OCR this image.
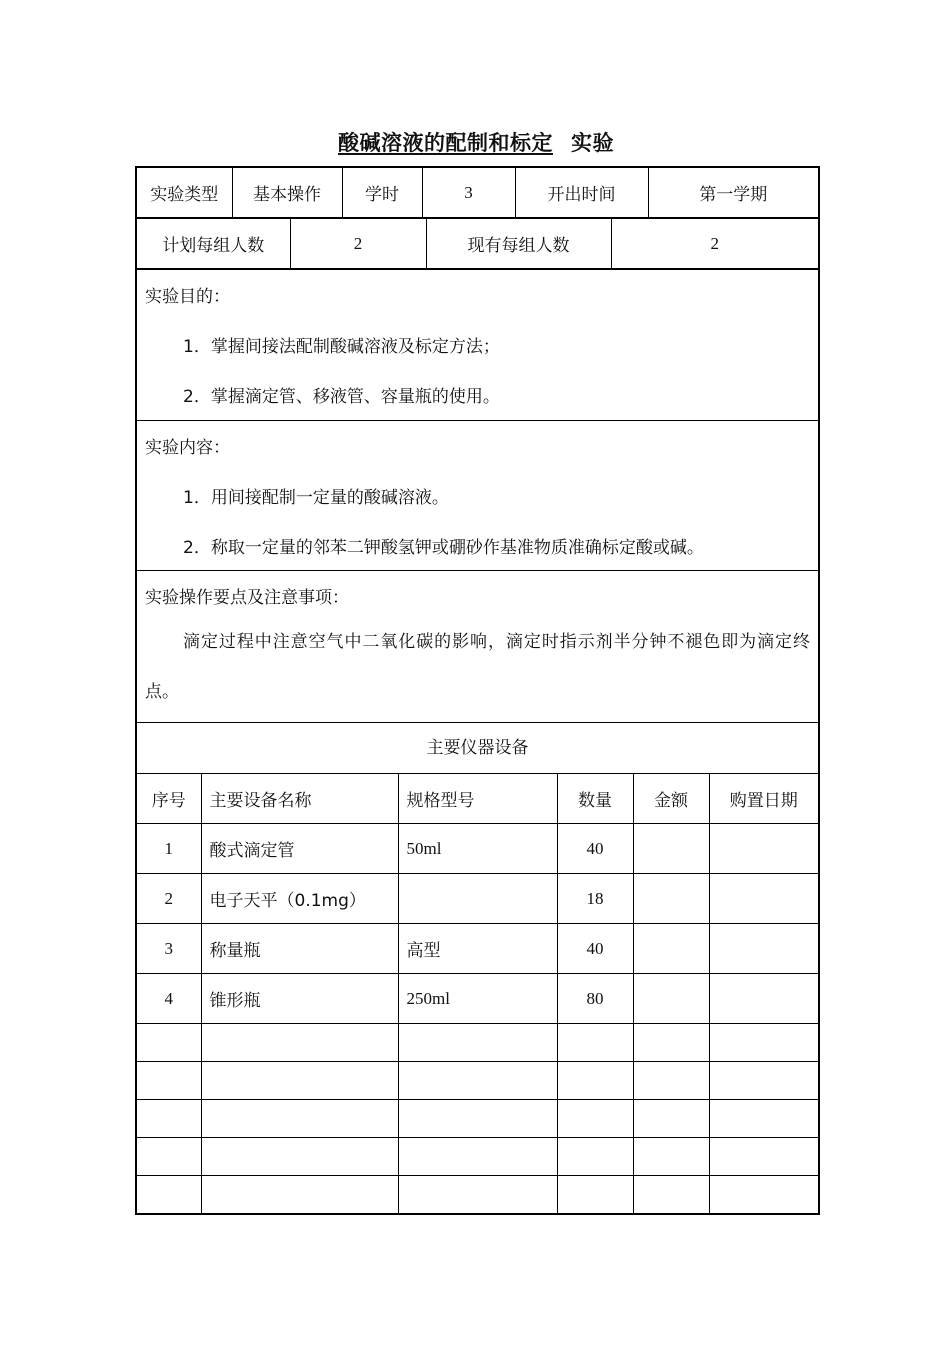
酸碱溶液的配制和标定 实验
实验类型	基本操作	学时	3	开出时间	第一学期
计划每组人数	2	现有每组人数	2
实验目的：
1．掌握间接法配制酸碱溶液及标定方法；
2．掌握滴定管、移液管、容量瓶的使用。
实验内容：
1．用间接配制一定量的酸碱溶液。
2．称取一定量的邻苯二钾酸氢钾或硼砂作基准物质准确标定酸或碱。
实验操作要点及注意事项：
滴定过程中注意空气中二氧化碳的影响，滴定时指示剂半分钟不褪色即为滴定终点。
主要仪器设备
序号	主要设备名称	规格型号	数量	金额	购置日期
1	酸式滴定管	50ml	40		
2	电子天平（0.1mg）		18		
3	称量瓶	高型	40		
4	锥形瓶	250ml	80		
